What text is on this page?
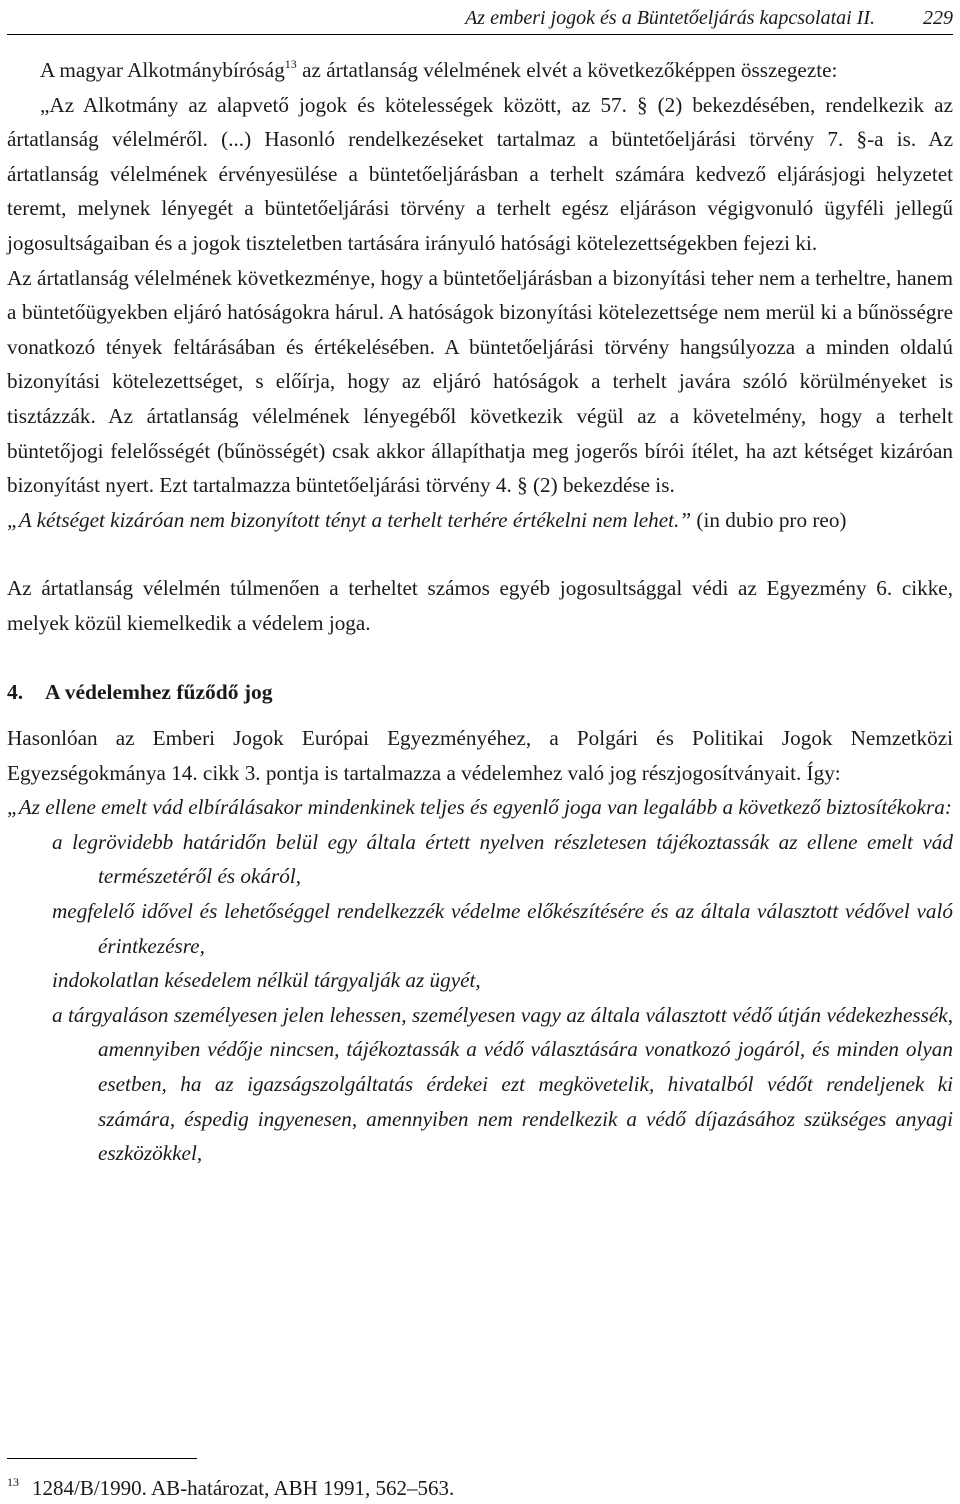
Az emberi jogok és a Büntetőeljárás kapcsolatai II. 229

A magyar Alkotmánybíróság$^{13}$ az ártatlanság vélelmének elvét a következőképpen összegezte:

„Az Alkotmány az alapvető jogok és kötelességek között, az 57. § (2) bekezdésében, rendelkezik az ártatlanság vélelméről. (...) Hasonló rendelkezéseket tartalmaz a büntetőeljárási törvény 7. §-a is. Az ártatlanság vélelmének érvényesülése a büntetőeljárásban a terhelt számára kedvező eljárásjogi helyzetet teremt, melynek lényegét a büntetőeljárási törvény a terhelt egész eljáráson végigvonuló ügyféli jellegű jogosultságaiban és a jogok tiszteletben tartására irányuló hatósági kötelezettségekben fejezi ki.

Az ártatlanság vélelmének következménye, hogy a büntetőeljárásban a bizonyítási teher nem a terheltre, hanem a büntetőügyekben eljáró hatóságokra hárul. A hatóságok bizonyítási kötelezettsége nem merül ki a bűnösségre vonatkozó tények feltárásában és értékelésében. A büntetőeljárási törvény hangsúlyozza a minden oldalú bizonyítási kötelezettséget, s előírja, hogy az eljáró hatóságok a terhelt javára szóló körülményeket is tisztázzák. Az ártatlanság vélelmének lényegéből következik végül az a követelmény, hogy a terhelt büntetőjogi felelősségét (bűnösségét) csak akkor állapíthatja meg jogerős bírói ítélet, ha azt kétséget kizáróan bizonyítást nyert. Ezt tartalmazza büntetőeljárási törvény 4. § (2) bekezdése is.

„A kétséget kizáróan nem bizonyított tényt a terhelt terhére értékelni nem lehet.” (in dubio pro reo)

Az ártatlanság vélelmén túlmenően a terheltet számos egyéb jogosultsággal védi az Egyezmény 6. cikke, melyek közül kiemelkedik a védelem joga.

4. A védelemhez fűződő jog

Hasonlóan az Emberi Jogok Európai Egyezményéhez, a Polgári és Politikai Jogok Nemzetközi Egyezségokmánya 14. cikk 3. pontja is tartalmazza a védelemhez való jog részjogosítványait. Így:

„Az ellene emelt vád elbírálásakor mindenkinek teljes és egyenlő joga van legalább a következő biztosítékokra:

a legrövidebb határidőn belül egy általa értett nyelven részletesen tájékoztassák az ellene emelt vád természetéről és okáról,
megfelelő idővel és lehetőséggel rendelkezzék védelme előkészítésére és az általa választott védővel való érintkezésre,
indokolatlan késedelem nélkül tárgyalják az ügyét,
a tárgyaláson személyesen jelen lehessen, személyesen vagy az általa választott védő útján védekezhessék, amennyiben védője nincsen, tájékoztassák a védő választására vonatkozó jogáról, és minden olyan esetben, ha az igazságszolgáltatás érdekei ezt megkövetelik, hivatalból védőt rendeljenek ki számára, éspedig ingyenesen, amennyiben nem rendelkezik a védő díjazásához szükséges anyagi eszközökkel,
$^{13}$ 1284/B/1990. AB-határozat, ABH 1991, 562–563.
